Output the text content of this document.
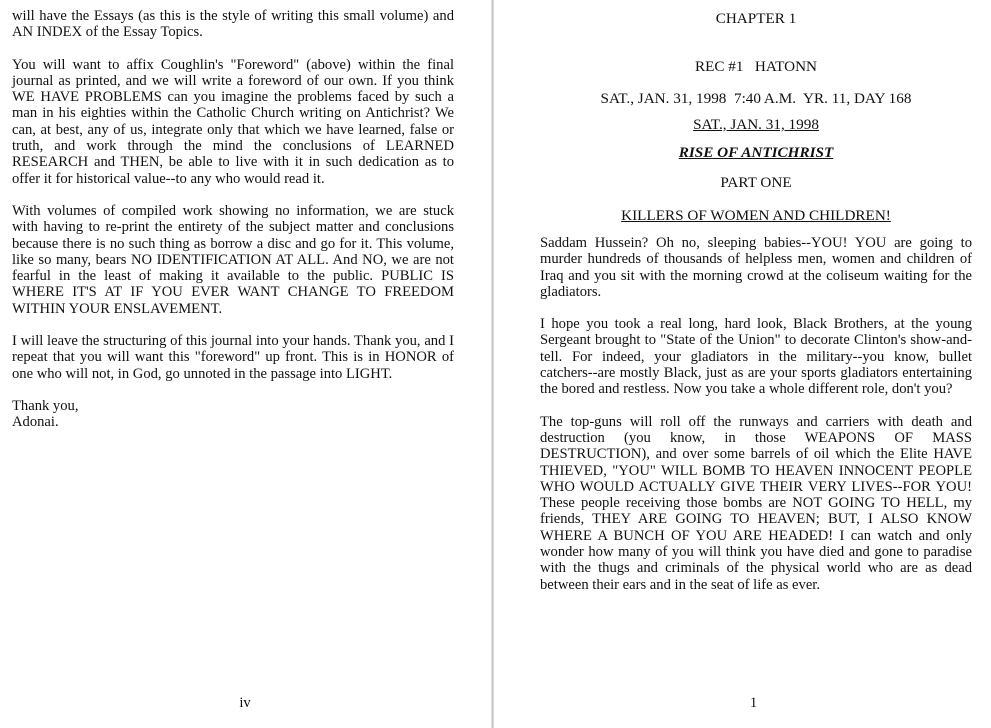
will have the Essays (as this is the style of writing this small volume) and AN INDEX of the Essay Topics.

You will want to affix Coughlin's "Foreword" (above) within the final journal as printed, and we will write a foreword of our own. If you think WE HAVE PROBLEMS can you imagine the problems faced by such a man in his eighties within the Catholic Church writing on Antichrist? We can, at best, any of us, integrate only that which we have learned, false or truth, and work through the mind the conclusions of LEARNED RESEARCH and THEN, be able to live with it in such dedication as to offer it for historical value--to any who would read it.

With volumes of compiled work showing no information, we are stuck with having to re-print the entirety of the subject matter and conclusions because there is no such thing as borrow a disc and go for it. This volume, like so many, bears NO IDENTIFICATION AT ALL. And NO, we are not fearful in the least of making it available to the public. PUBLIC IS WHERE IT'S AT IF YOU EVER WANT CHANGE TO FREEDOM WITHIN YOUR ENSLAVEMENT.

I will leave the structuring of this journal into your hands. Thank you, and I repeat that you will want this "foreword" up front. This is in HONOR of one who will not, in God, go unnoted in the passage into LIGHT.

Thank you,

Adonai.

iv

CHAPTER 1

REC #1   HATONN

SAT., JAN. 31, 1998  7:40 A.M.  YR. 11, DAY 168

SAT., JAN. 31, 1998

RISE OF ANTICHRIST

PART ONE

KILLERS OF WOMEN AND CHILDREN!

Saddam Hussein? Oh no, sleeping babies--YOU! YOU are going to murder hundreds of thousands of helpless men, women and children of Iraq and you sit with the morning crowd at the coliseum waiting for the gladiators.

I hope you took a real long, hard look, Black Brothers, at the young Sergeant brought to "State of the Union" to decorate Clinton's show-and-tell. For indeed, your gladiators in the military--you know, bullet catchers--are mostly Black, just as are your sports gladiators entertaining the bored and restless. Now you take a whole different role, don't you?

The top-guns will roll off the runways and carriers with death and destruction (you know, in those WEAPONS OF MASS DESTRUCTION), and over some barrels of oil which the Elite HAVE THIEVED, "YOU" WILL BOMB TO HEAVEN INNOCENT PEOPLE WHO WOULD ACTUALLY GIVE THEIR VERY LIVES--FOR YOU! These people receiving those bombs are NOT GOING TO HELL, my friends, THEY ARE GOING TO HEAVEN; BUT, I ALSO KNOW WHERE A BUNCH OF YOU ARE HEADED! I can watch and only wonder how many of you will think you have died and gone to paradise with the thugs and criminals of the physical world who are as dead between their ears and in the seat of life as ever.

1
